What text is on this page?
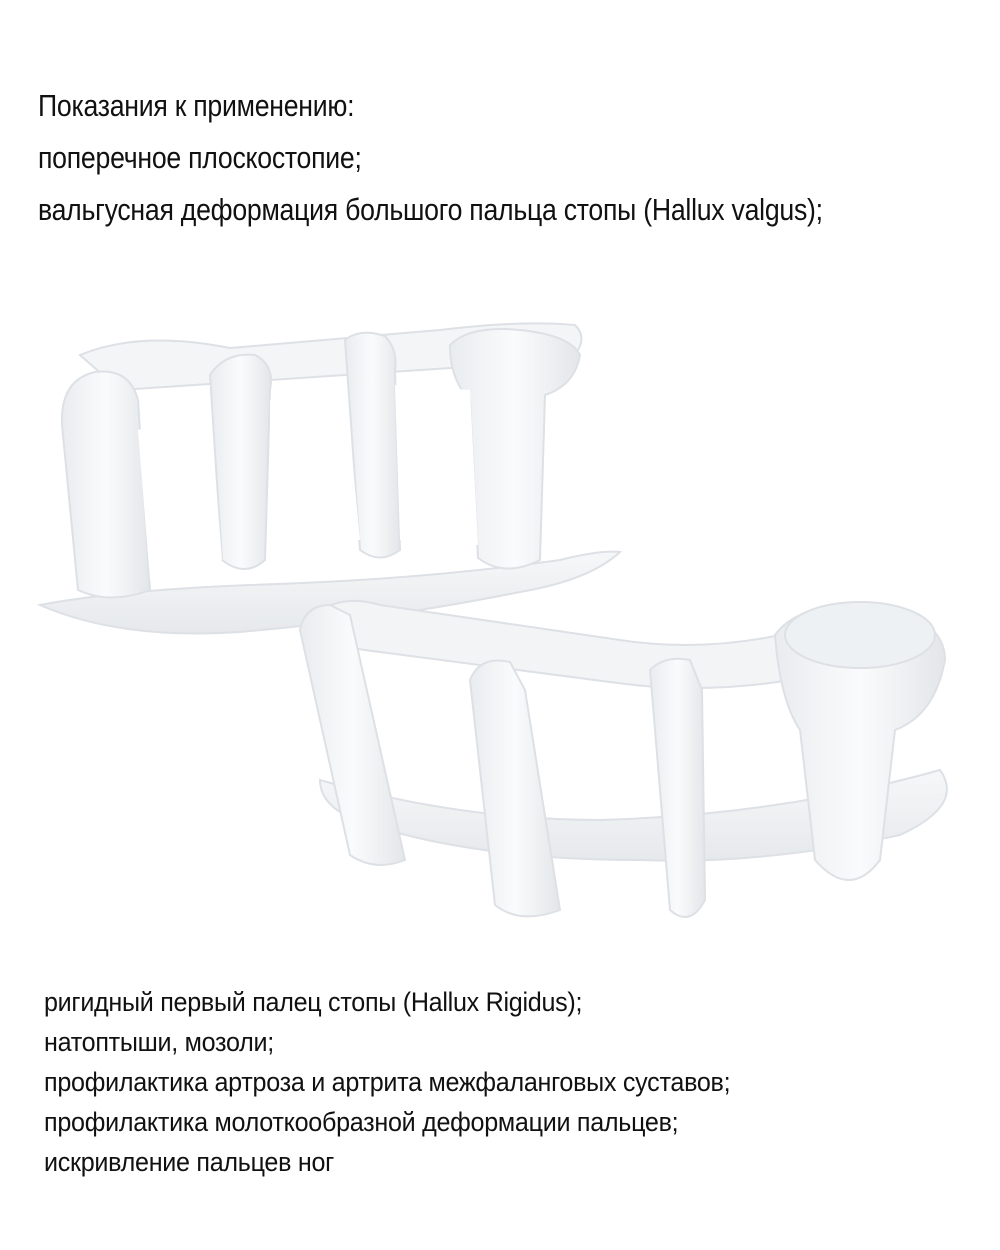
Показания к применению:
поперечное плоскостопие;
вальгусная деформация большого пальца стопы (Hallux valgus);
ригидный первый палец стопы (Hallux Rigidus);
натоптыши, мозоли;
профилактика артроза и артрита межфаланговых суставов;
профилактика молоткообразной деформации пальцев;
искривление пальцев ног
